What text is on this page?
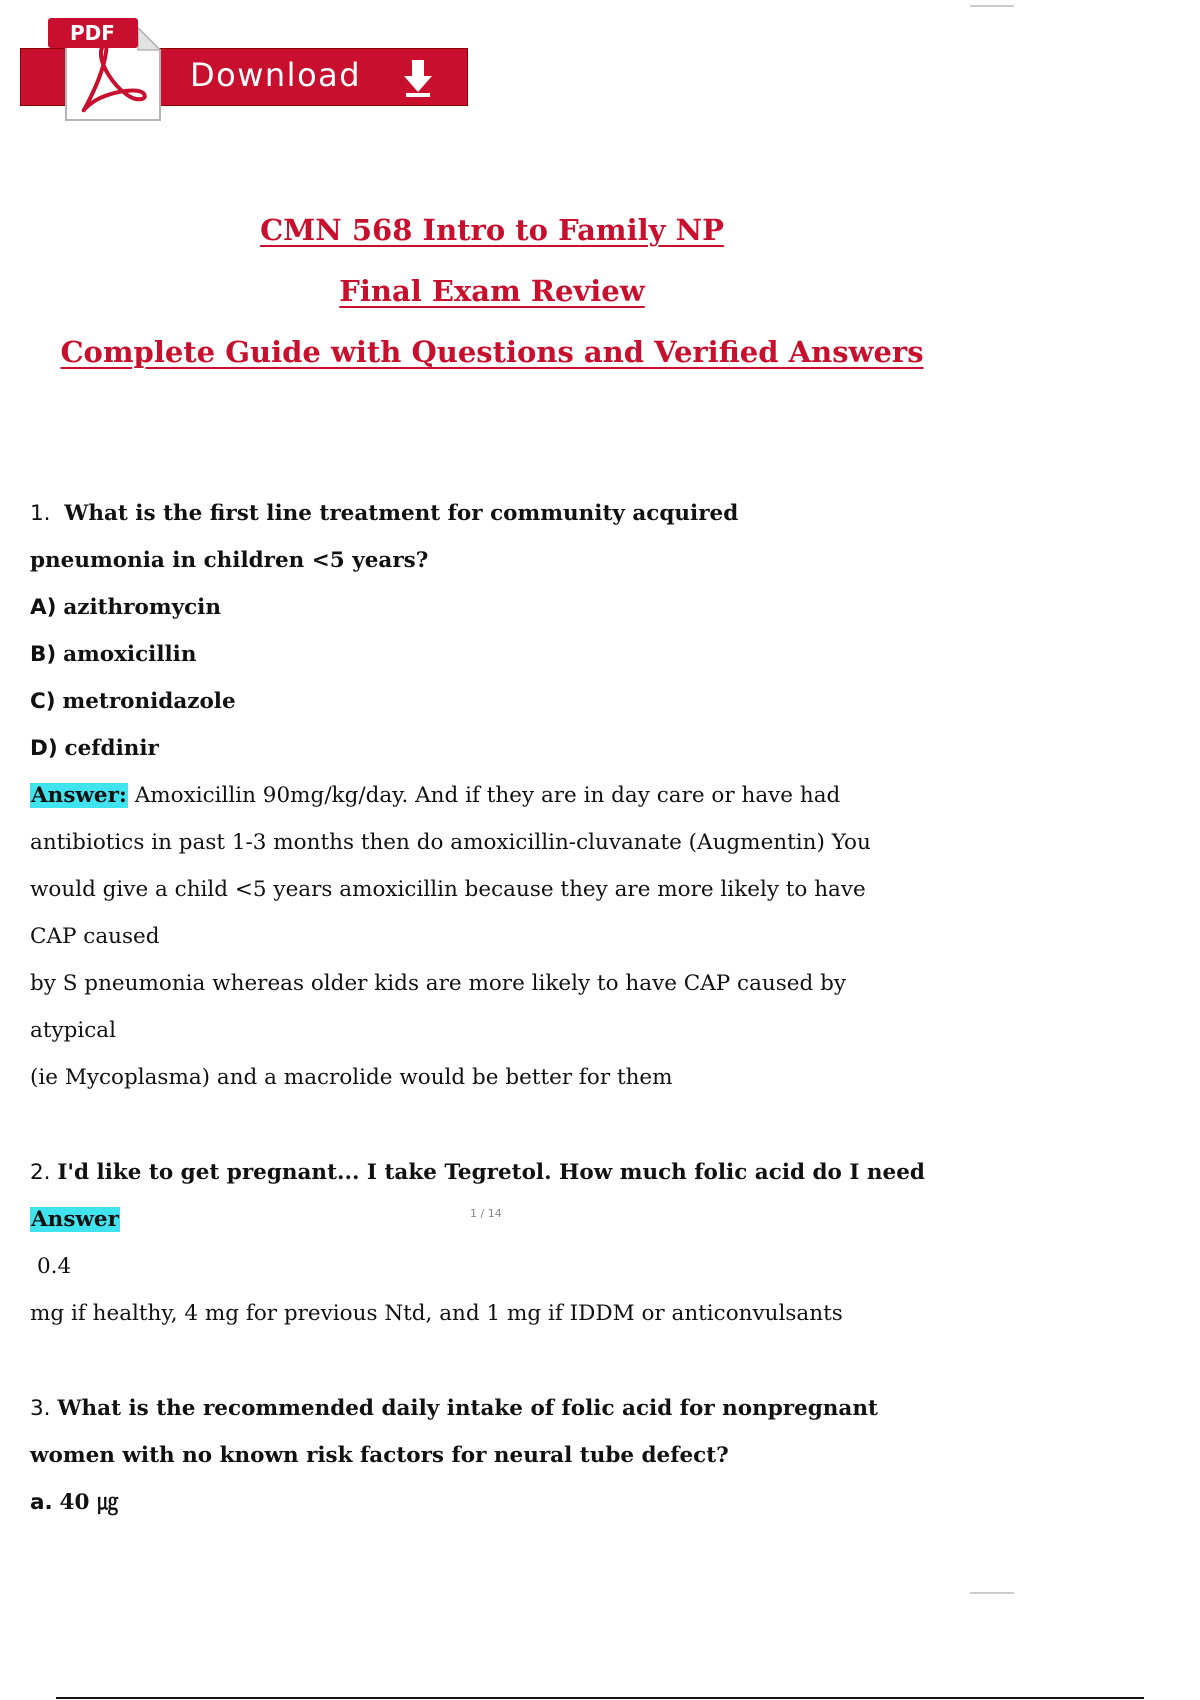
Download
PDF
CMN 568 Intro to Family NP
Final Exam Review
Complete Guide with Questions and Verified Answers
1. What is the first line treatment for community acquired
pneumonia in children <5 years?
A) azithromycin
B) amoxicillin
C) metronidazole
D) cefdinir
Answer: Amoxicillin 90mg/kg/day. And if they are in day care or have had
antibiotics in past 1-3 months then do amoxicillin-cluvanate (Augmentin) You
would give a child <5 years amoxicillin because they are more likely to have
CAP caused
by S pneumonia whereas older kids are more likely to have CAP caused by
atypical
(ie Mycoplasma) and a macrolide would be better for them
2. I'd like to get pregnant... I take Tegretol. How much folic acid do I need
Answer
0.4
mg if healthy, 4 mg for previous Ntd, and 1 mg if IDDM or anticonvulsants
3. What is the recommended daily intake of folic acid for nonpregnant
women with no known risk factors for neural tube defect?
a. 40 ㎍
1 / 14
